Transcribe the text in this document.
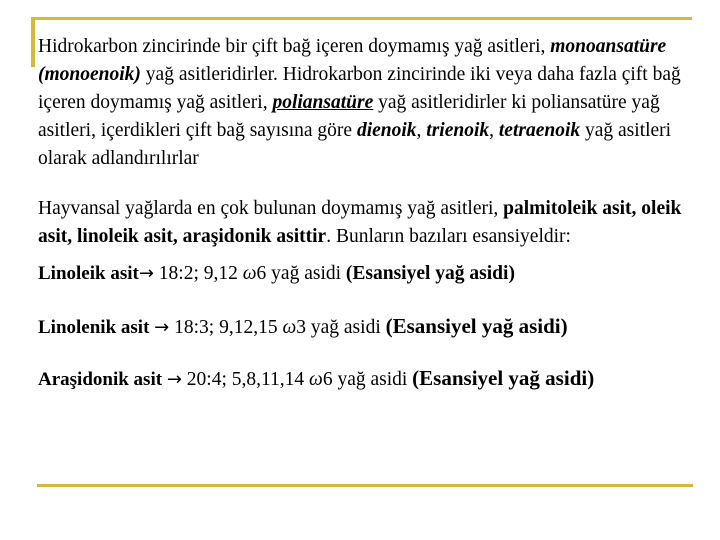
Hidrokarbon zincirinde bir çift bağ içeren doymamış yağ asitleri, monoansatüre (monoenoik) yağ asitleridirler. Hidrokarbon zincirinde iki veya daha fazla çift bağ içeren doymamış yağ asitleri, poliansatüre yağ asitleridirler ki poliansatüre yağ asitleri, içerdikleri çift bağ sayısına göre dienoik, trienoik, tetraenoik yağ asitleri olarak adlandırılırlar

Hayvansal yağlarda en çok bulunan doymamış yağ asitleri, palmitoleik asit, oleik asit, linoleik asit, araşidonik asittir. Bunların bazıları esansiyeldir:

Linoleik asit→ 18:2; 9,12 ω6 yağ asidi (Esansiyel yağ asidi)
Linolenik asit → 18:3; 9,12,15 ω3 yağ asidi (Esansiyel yağ asidi)
Araşidonik asit → 20:4; 5,8,11,14 ω6 yağ asidi (Esansiyel yağ asidi)
